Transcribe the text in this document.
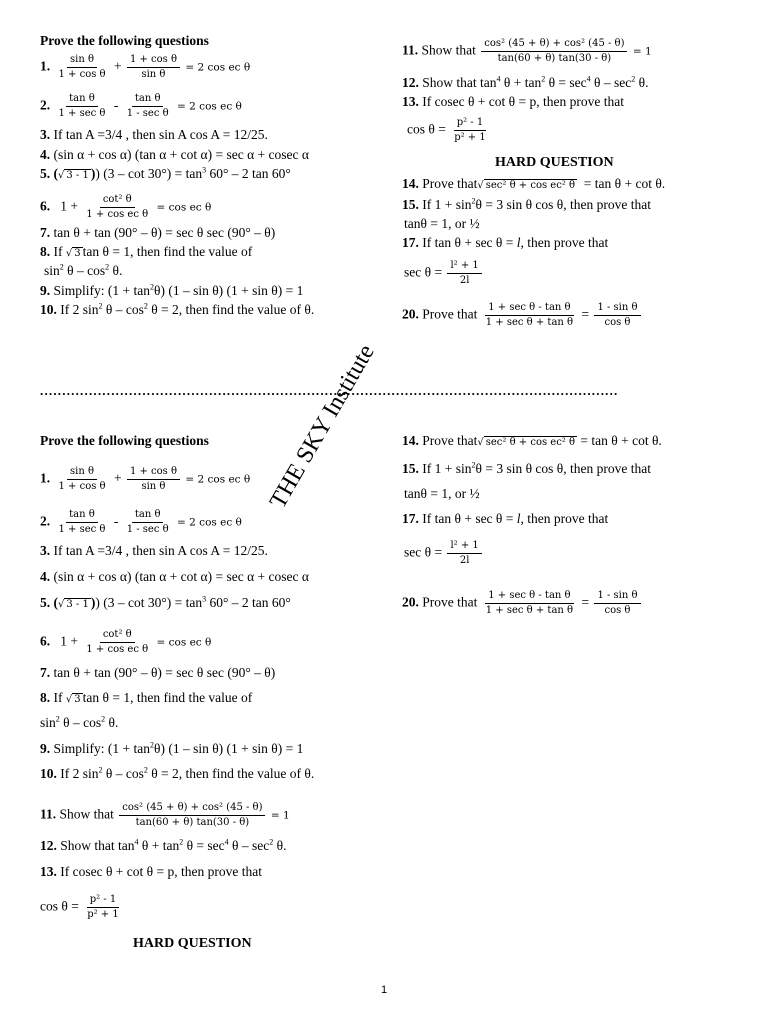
Prove the following questions
1. $\frac{\text{sin θ}}{\text{1 + cos θ}} + \frac{\text{1 + cos θ}}{\text{sin θ}} = 2$ cos ec θ
2. $\frac{\text{tan θ}}{\text{1 + sec θ}} - \frac{\text{tan θ}}{\text{1 - sec θ}} = 2$ cos ec θ
3. If tan A =3/4 , then sin A cos A = 12/25.
4. (sin α + cos α) (tan α + cot α) = sec α + cosec α
5. (√ 3 - 1 )) $(3 - \cot 30^\circ) = \tan^3 60^\circ - 2$ tan 60°
6. $1 + \frac{\text{cot² θ}}{\text{1 + cos ec θ}} = \cos$ ec θ
7. tan θ + tan (90° – θ) = sec θ sec (90° – θ)
8. If √ 3 tan θ = 1, then find the value of
$\sin^2 \theta - \cos^2 \theta$.
9. Simplify: $(1 + \tan^2\theta)$ (1 – sin θ) (1 + sin θ) = 1
10. If 2 $\sin^2 \theta - \cos^2 \theta = 2$, then find the value of θ.
11. Show that $\frac{\text{cos² (45 + θ) + cos² (45 - θ)}}{\tan(60 + \theta) \tan(30 - \theta)} = 1$
12. Show that $\tan^4 \theta + \tan^2 \theta = \sec^4 \theta - \sec^2 \theta$.
13. If cosec θ + cot θ = p, then prove that
$\cos \theta = \frac{\text{p² - 1}}{\text{p² + 1}}$
HARD QUESTION
14. Prove that√ sec² θ + cos ec² θ = tan θ + cot θ.
15. If $1 + \sin^2\theta = 3$ sin θ cos θ, then prove that
tanθ = 1, or ½
17. If tan θ + sec θ = l, then prove that
$\sec \theta = \frac{\text{l² + 1}}{2l}$
20. Prove that $\frac{\text{1 + sec θ - tan θ}}{\text{1 + sec θ + tan θ}} = \frac{\text{1 - sin θ}}{\text{cos θ}}$
..................................................................................................................................
Prove the following questions
1. $\frac{\text{sin θ}}{\text{1 + cos θ}} + \frac{\text{1 + cos θ}}{\text{sin θ}} = 2$ cos ec θ
2. $\frac{\text{tan θ}}{\text{1 + sec θ}} - \frac{\text{tan θ}}{\text{1 - sec θ}} = 2$ cos ec θ
3. If tan A =3/4 , then sin A cos A = 12/25.
4. (sin α + cos α) (tan α + cot α) = sec α + cosec α
5. (√ 3 - 1 )) $(3 - \cot 30^\circ) = \tan^3 60^\circ - 2$ tan 60°
6. $1 + \frac{\text{cot² θ}}{\text{1 + cos ec θ}} = \cos$ ec θ
7. tan θ + tan (90° – θ) = sec θ sec (90° – θ)
8. If √ 3 tan θ = 1, then find the value of
$\sin^2 \theta - \cos^2 \theta$.
9. Simplify: $(1 + \tan^2\theta)$ (1 – sin θ) (1 + sin θ) = 1
10. If 2 $\sin^2 \theta - \cos^2 \theta = 2$, then find the value of θ.
11. Show that $\frac{\text{cos² (45 + θ) + cos² (45 - θ)}}{\tan(60 + \theta) \tan(30 - \theta)} = 1$
12. Show that $\tan^4 \theta + \tan^2 \theta = \sec^4 \theta - \sec^2 \theta$.
13. If cosec θ + cot θ = p, then prove that
$\cos \theta = \frac{\text{p² - 1}}{\text{p² + 1}}$
HARD QUESTION
14. Prove that√ sec² θ + cos ec² θ = tan θ + cot θ.
15. If $1 + \sin^2\theta = 3$ sin θ cos θ, then prove that
tanθ = 1, or ½
17. If tan θ + sec θ = l, then prove that
$\sec \theta = \frac{\text{l² + 1}}{2l}$
20. Prove that $\frac{\text{1 + sec θ - tan θ}}{\text{1 + sec θ + tan θ}} = \frac{\text{1 - sin θ}}{\text{cos θ}}$
THE SKY Institute
1
